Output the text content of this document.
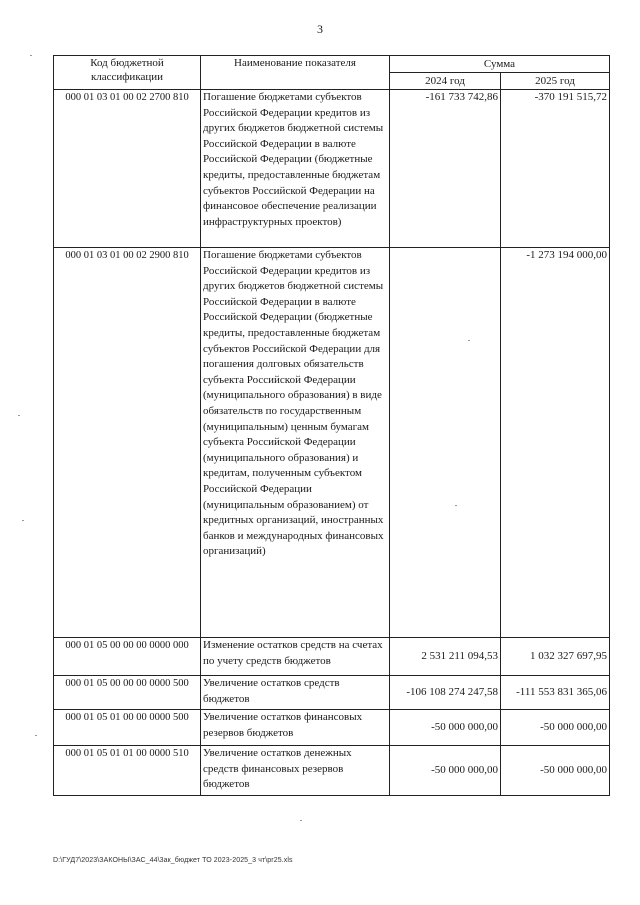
3
Код бюджетной классификации	Наименование показателя	Сумма	
		2024 год	2025 год
000 01 03 01 00 02 2700 810	Погашение бюджетами субъектов Российской Федерации кредитов из других бюджетов бюджетной системы Российской Федерации в валюте Российской Федерации (бюджетные кредиты, предоставленные бюджетам субъектов Российской Федерации на финансовое обеспечение реализации инфраструктурных проектов)	-161 733 742,86	-370 191 515,72
000 01 03 01 00 02 2900 810	Погашение бюджетами субъектов Российской Федерации кредитов из других бюджетов бюджетной системы Российской Федерации в валюте Российской Федерации (бюджетные кредиты, предоставленные бюджетам субъектов Российской Федерации для погашения долговых обязательств субъекта Российской Федерации (муниципального образования) в виде обязательств по государственным (муниципальным) ценным бумагам субъекта Российской Федерации (муниципального образования) и кредитам, полученным субъектом Российской Федерации (муниципальным образованием) от кредитных организаций, иностранных банков и международных финансовых организаций)		-1 273 194 000,00
000 01 05 00 00 00 0000 000	Изменение остатков средств на счетах по учету средств бюджетов	2 531 211 094,53	1 032 327 697,95
000 01 05 00 00 00 0000 500	Увеличение остатков средств бюджетов	-106 108 274 247,58	-111 553 831 365,06
000 01 05 01 00 00 0000 500	Увеличение остатков финансовых резервов бюджетов	-50 000 000,00	-50 000 000,00
000 01 05 01 01 00 0000 510	Увеличение остатков денежных средств финансовых резервов бюджетов	-50 000 000,00	-50 000 000,00
D:\ГУД7\2023\ЗАКОНЫ\ЗАС_44\3ак_бюджет ТО 2023-2025_3 чт\pr25.xls
